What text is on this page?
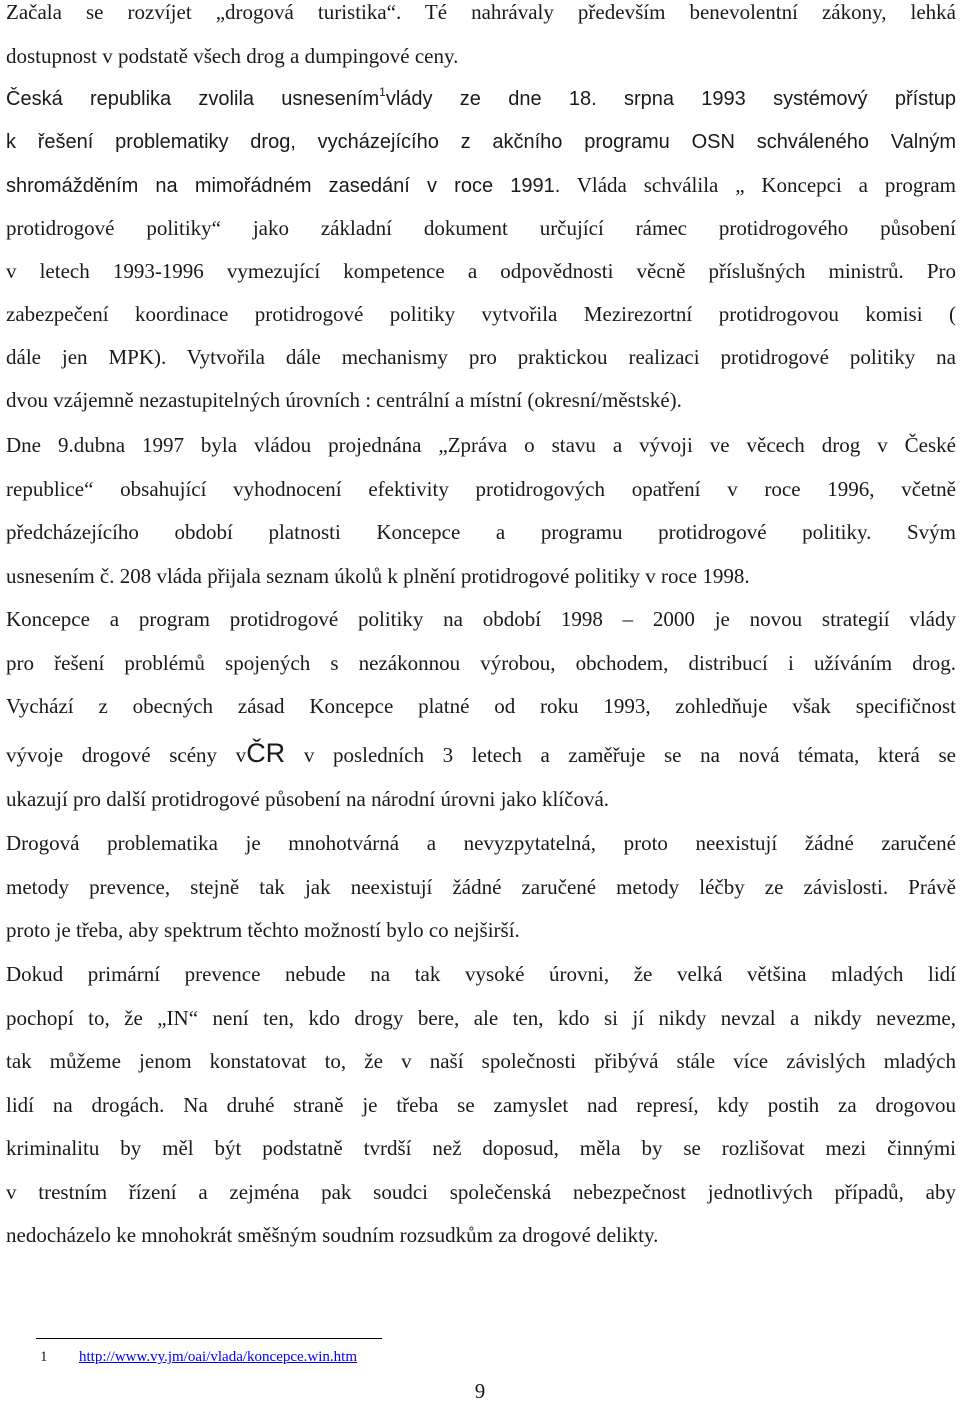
Začala se rozvíjet „drogová turistika“. Té nahrávaly především benevolentní zákony, lehká
dostupnost v podstatě všech drog a dumpingové ceny.
Česká republika zvolila usnesením$^1$vlády ze dne 18. srpna 1993 systémový přístup
k řešení problematiky drog, vycházejícího z akčního programu OSN schváleného Valným
shromážděním na mimořádném zasedání v roce 1991. Vláda schválila „ Koncepci a program
protidrogové politiky“ jako základní dokument určující rámec protidrogového působení
v letech 1993-1996 vymezující kompetence a odpovědnosti věcně příslušných ministrů. Pro
zabezpečení koordinace protidrogové politiky vytvořila Mezirezortní protidrogovou komisi (
dále jen MPK). Vytvořila dále mechanismy pro praktickou realizaci protidrogové politiky na
dvou vzájemně nezastupitelných úrovních : centrální a místní (okresní/městské).
Dne 9.dubna 1997 byla vládou projednána „Zpráva o stavu a vývoji ve věcech drog v České
republice“ obsahující vyhodnocení efektivity protidrogových opatření v roce 1996, včetně
předcházejícího období platnosti Koncepce a programu protidrogové politiky. Svým
usnesením č. 208 vláda přijala seznam úkolů k plnění protidrogové politiky v roce 1998.
Koncepce a program protidrogové politiky na období 1998 – 2000 je novou strategií vlády
pro řešení problémů spojených s nezákonnou výrobou, obchodem, distribucí i užíváním drog.
Vychází z obecných zásad Koncepce platné od roku 1993, zohledňuje však specifičnost
vývoje drogové scény vČR v posledních 3 letech a zaměřuje se na nová témata, která se
ukazují pro další protidrogové působení na národní úrovni jako klíčová.
Drogová problematika je mnohotvárná a nevyzpytatelná, proto neexistují žádné zaručené
metody prevence, stejně tak jak neexistují žádné zaručené metody léčby ze závislosti. Právě
proto je třeba, aby spektrum těchto možností bylo co nejširší.
Dokud primární prevence nebude na tak vysoké úrovni, že velká většina mladých lidí
pochopí to, že „IN“ není ten, kdo drogy bere, ale ten, kdo si jí nikdy nevzal a nikdy nevezme,
tak můžeme jenom konstatovat to, že v naší společnosti přibývá stále více závislých mladých
lidí na drogách. Na druhé straně je třeba se zamyslet nad represí, kdy postih za drogovou
kriminalitu by měl být podstatně tvrdší než doposud, měla by se rozlišovat mezi činnými
v trestním řízení a zejména pak soudci společenská nebezpečnost jednotlivých případů, aby
nedocházelo ke mnohokrát směšným soudním rozsudkům za drogové delikty.
1 http://www.vy.jm/oai/vlada/koncepce.win.htm
9
